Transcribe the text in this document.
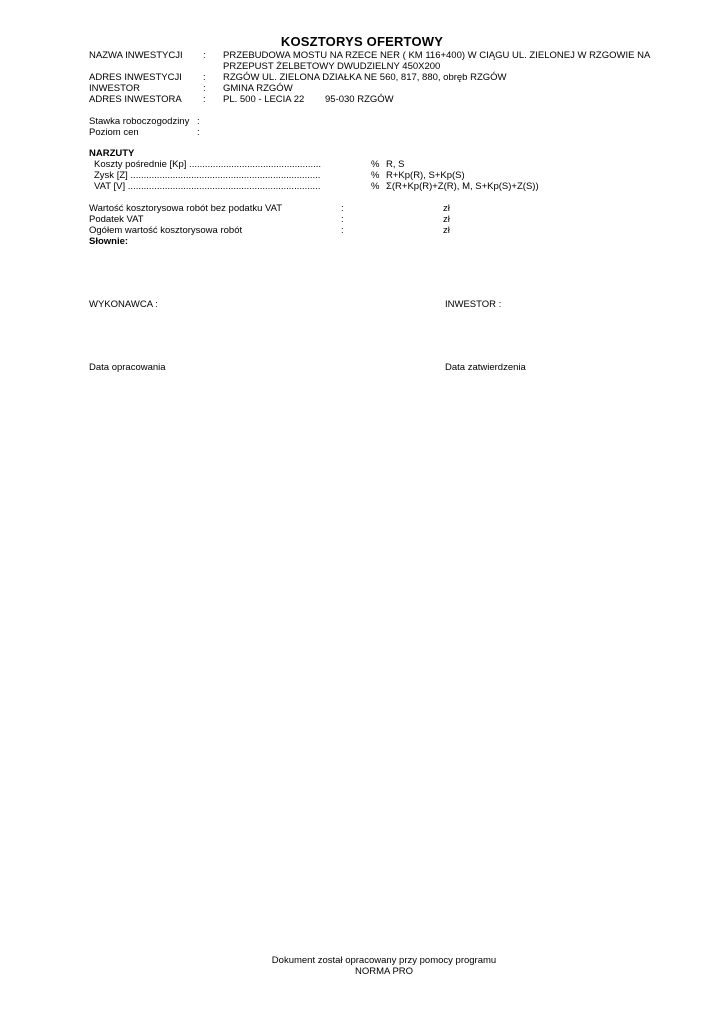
KOSZTORYS OFERTOWY
NAZWA INWESTYCJI : PRZEBUDOWA MOSTU NA RZECE NER ( KM 116+400) W CIĄGU UL. ZIELONEJ W RZGOWIE NA
PRZEPUST ŻELBETOWY DWUDZIELNY 450X200
ADRES INWESTYCJI : RZGÓW UL. ZIELONA DZIAŁKA NE 560, 817, 880, obręb RZGÓW
INWESTOR	: GMINA RZGÓW
ADRES INWESTORA : PL. 500 - LECIA 22 95-030 RZGÓW
Stawka roboczogodziny :
Poziom cen	:
NARZUTY
Koszty pośrednie [Kp] ..................................................	% R, S
Zysk [Z] ........................................................................	% R+Kp(R), S+Kp(S)
VAT [V] .........................................................................	% Σ(R+Kp(R)+Z(R), M, S+Kp(S)+Z(S))
Wartość kosztorysowa robót bez podatku VAT	:	zł
Podatek VAT	:	zł
Ogółem wartość kosztorysowa robót	:	zł
Słownie:
WYKONAWCA :	INWESTOR :
Data opracowania	Data zatwierdzenia
Dokument został opracowany przy pomocy programu
NORMA PRO
